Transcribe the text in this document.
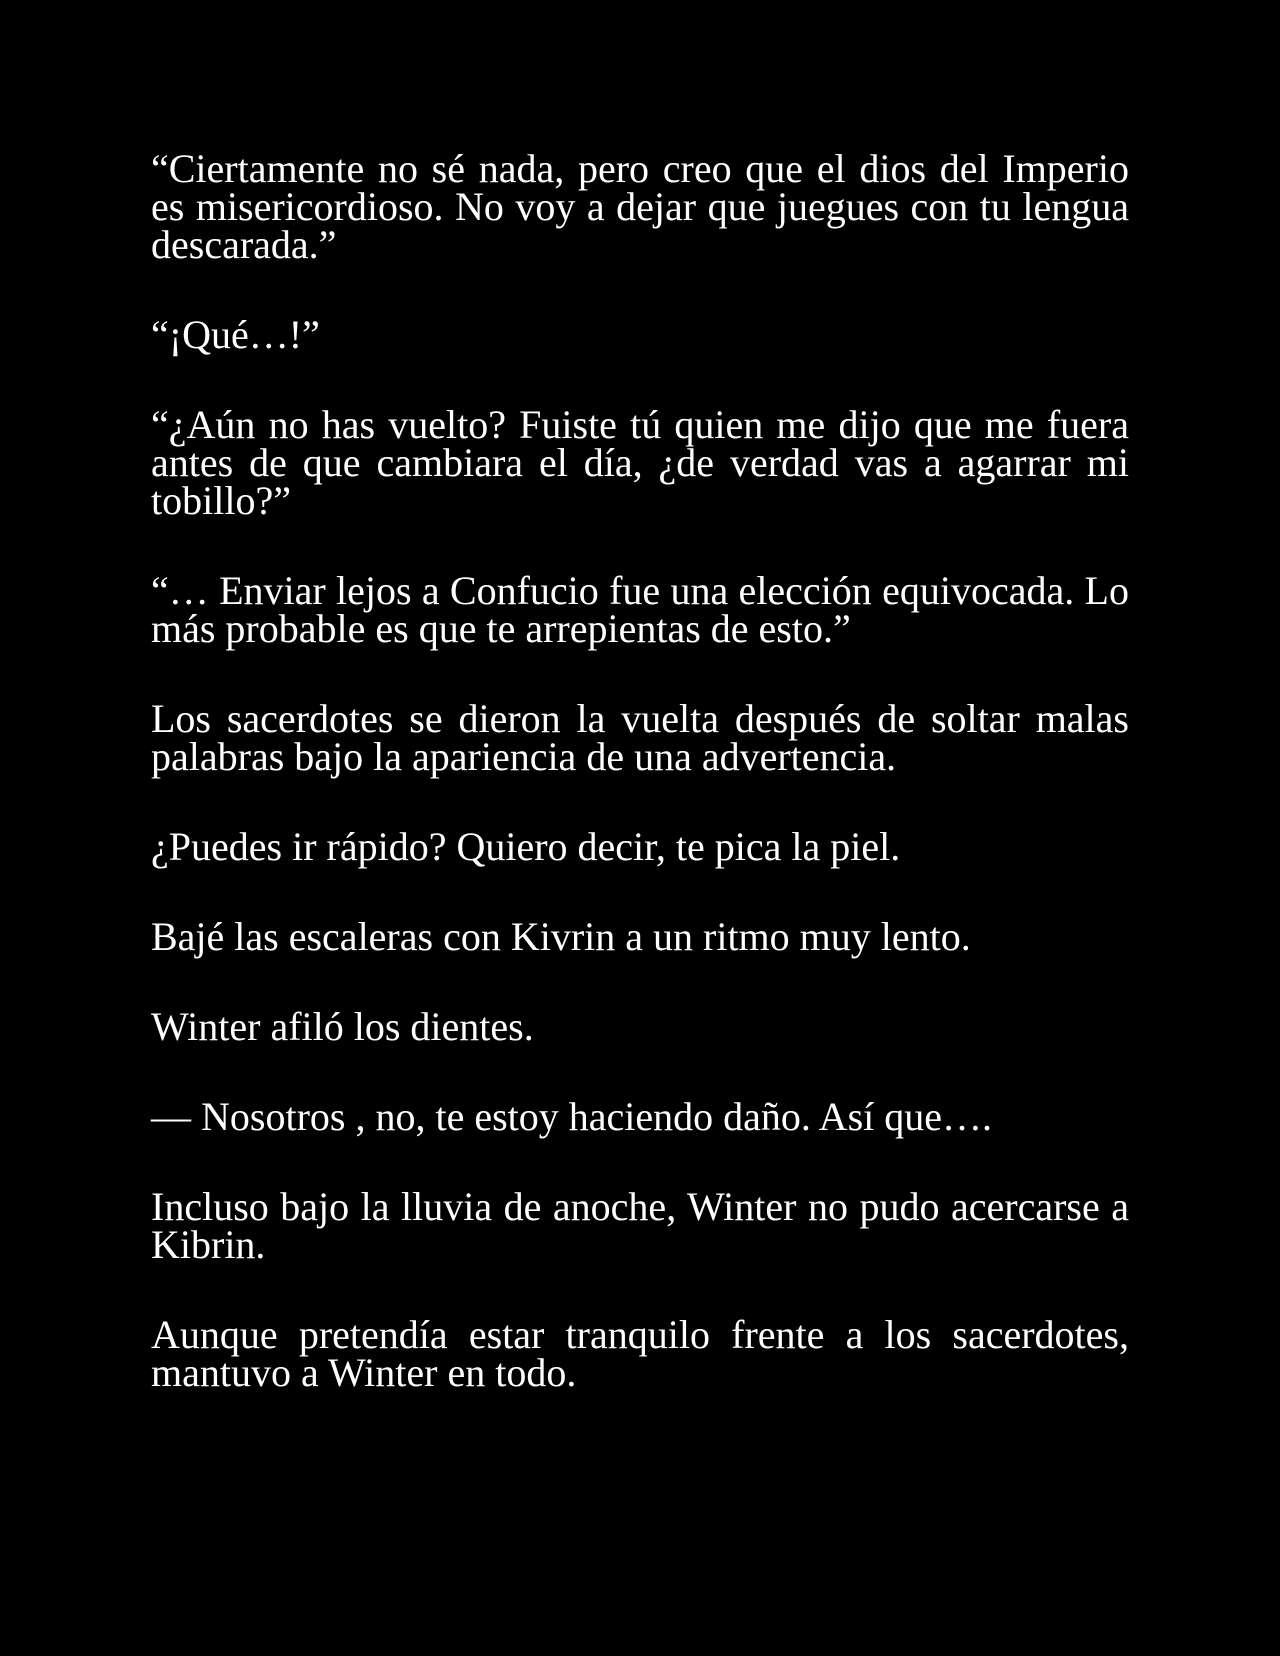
“Ciertamente no sé nada, pero creo que el dios del Imperio es misericordioso. No voy a dejar que juegues con tu lengua descarada.”

“¡Qué…!”

“¿Aún no has vuelto? Fuiste tú quien me dijo que me fuera antes de que cambiara el día, ¿de verdad vas a agarrar mi tobillo?”

“… Enviar lejos a Confucio fue una elección equivocada. Lo más probable es que te arrepientas de esto.”

Los sacerdotes se dieron la vuelta después de soltar malas palabras bajo la apariencia de una advertencia.

¿Puedes ir rápido? Quiero decir, te pica la piel.

Bajé las escaleras con Kivrin a un ritmo muy lento.

Winter afiló los dientes.

— Nosotros , no, te estoy haciendo daño. Así que….

Incluso bajo la lluvia de anoche, Winter no pudo acercarse a Kibrin.

Aunque pretendía estar tranquilo frente a los sacerdotes, mantuvo a Winter en todo.
